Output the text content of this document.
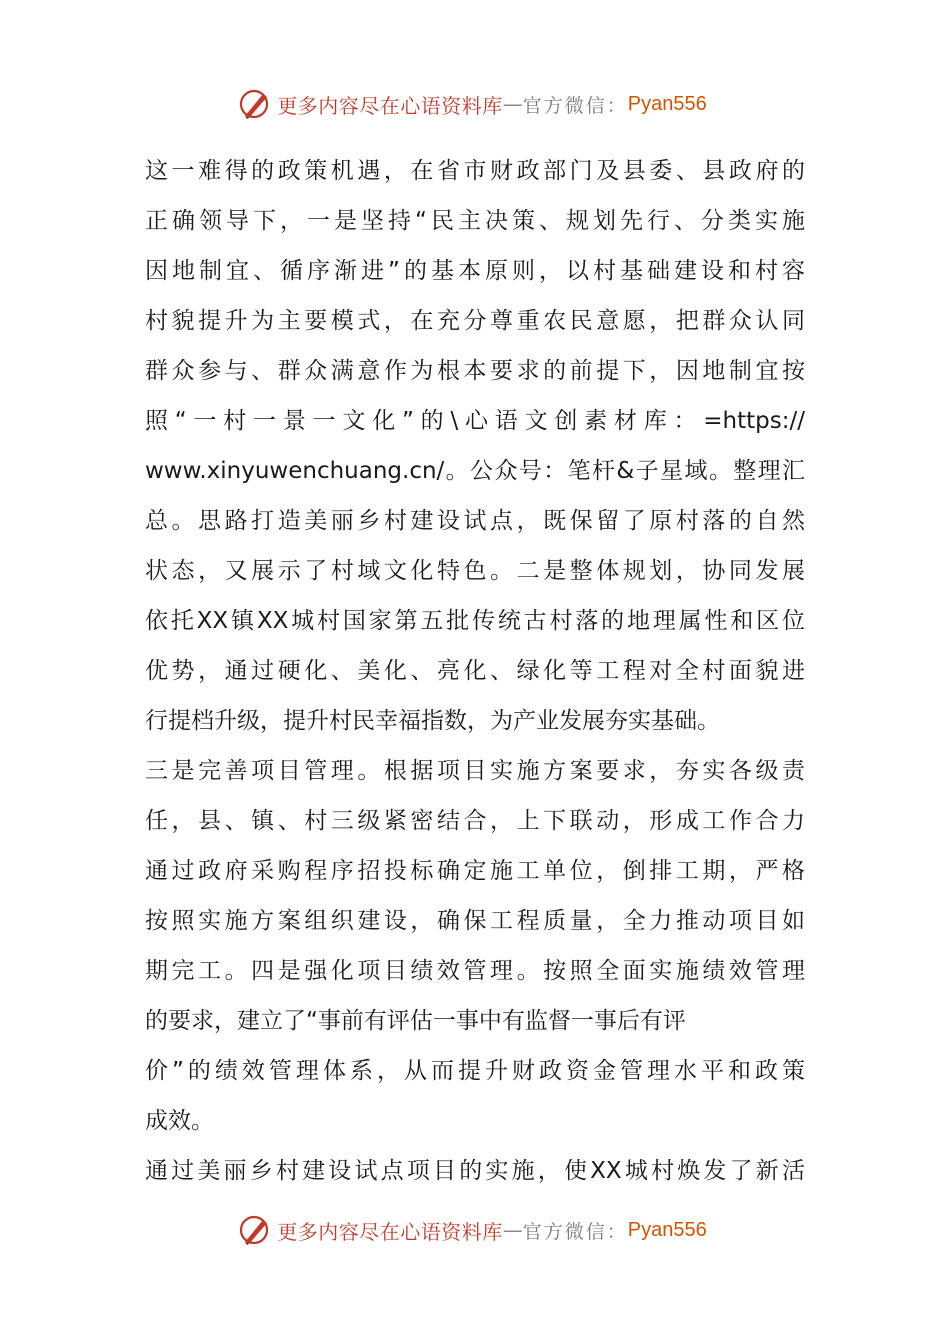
更多内容尽在心语资料库 — 官方微信： Pyan556
这一难得的政策机遇，在省市财政部门及县委、县政府的
正确领导下，一是坚持“民主决策、规划先行、分类实施
因地制宜、循序渐进”的基本原则，以村基础建设和村容
村貌提升为主要模式，在充分尊重农民意愿，把群众认同
群众参与、群众满意作为根本要求的前提下，因地制宜按
照“一村一景一文化”的\心语文创素材库：=https://
www.xinyuwenchuang.cn/。公众号：笔杆&子星域。整理汇
总。思路打造美丽乡村建设试点，既保留了原村落的自然
状态，又展示了村域文化特色。二是整体规划，协同发展
依托XX镇XX城村国家第五批传统古村落的地理属性和区位
优势，通过硬化、美化、亮化、绿化等工程对全村面貌进
行提档升级，提升村民幸福指数，为产业发展夯实基础。
三是完善项目管理。根据项目实施方案要求，夯实各级责
任，县、镇、村三级紧密结合，上下联动，形成工作合力
通过政府采购程序招投标确定施工单位，倒排工期，严格
按照实施方案组织建设，确保工程质量，全力推动项目如
期完工。四是强化项目绩效管理。按照全面实施绩效管理
的要求，建立了“事前有评估一事中有监督一事后有评
价”的绩效管理体系，从而提升财政资金管理水平和政策
成效。
通过美丽乡村建设试点项目的实施，使XX城村焕发了新活
更多内容尽在心语资料库 — 官方微信： Pyan556
